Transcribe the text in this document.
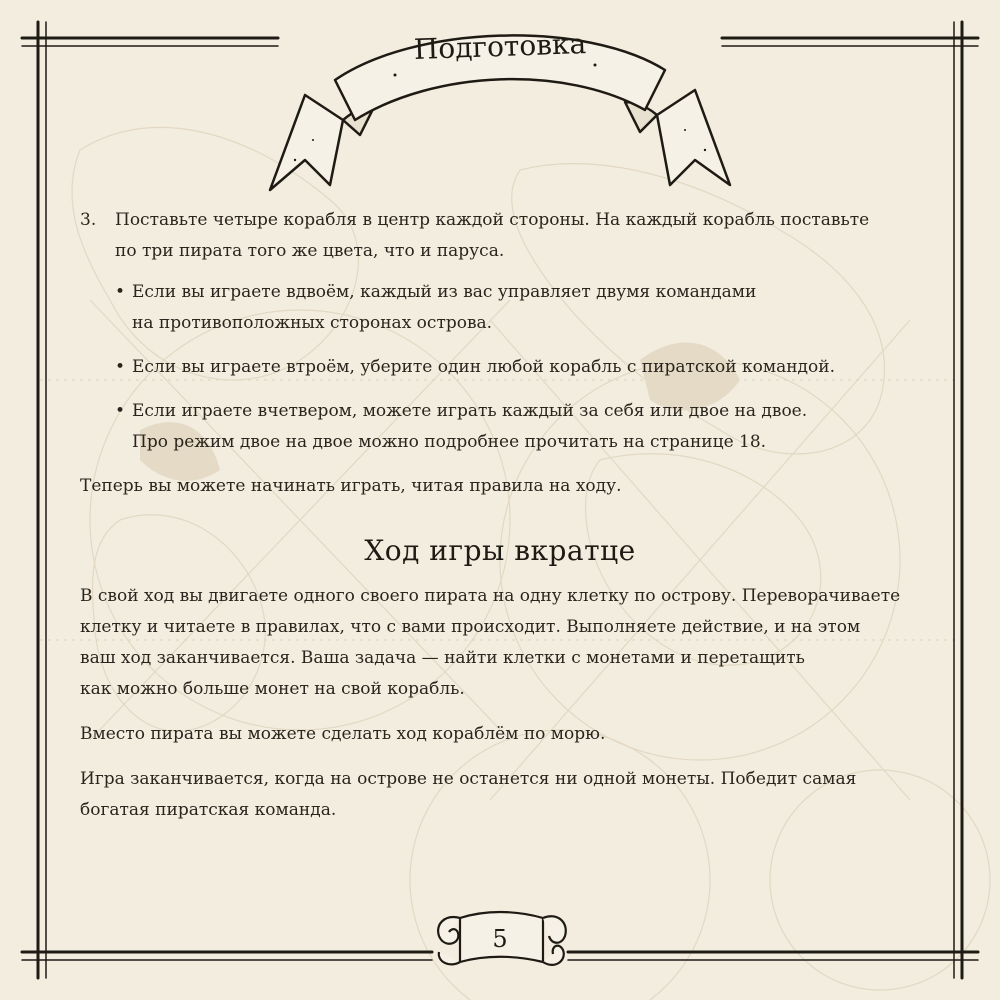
Подготовка
3. Поставьте четыре корабля в центр каждой стороны. На каждый корабль поставьте
по три пирата того же цвета, что и паруса.
• Если вы играете вдвоём, каждый из вас управляет двумя командами
на противоположных сторонах острова.
• Если вы играете втроём, уберите один любой корабль с пиратской командой.
• Если играете вчетвером, можете играть каждый за себя или двое на двое.
Про режим двое на двое можно подробнее прочитать на странице 18.
Теперь вы можете начинать играть, читая правила на ходу.
Ход игры вкратце
В свой ход вы двигаете одного своего пирата на одну клетку по острову. Переворачиваете
клетку и читаете в правилах, что с вами происходит. Выполняете действие, и на этом
ваш ход заканчивается. Ваша задача — найти клетки с монетами и перетащить
как можно больше монет на свой корабль.
Вместо пирата вы можете сделать ход кораблём по морю.
Игра заканчивается, когда на острове не останется ни одной монеты. Победит самая
богатая пиратская команда.
5
